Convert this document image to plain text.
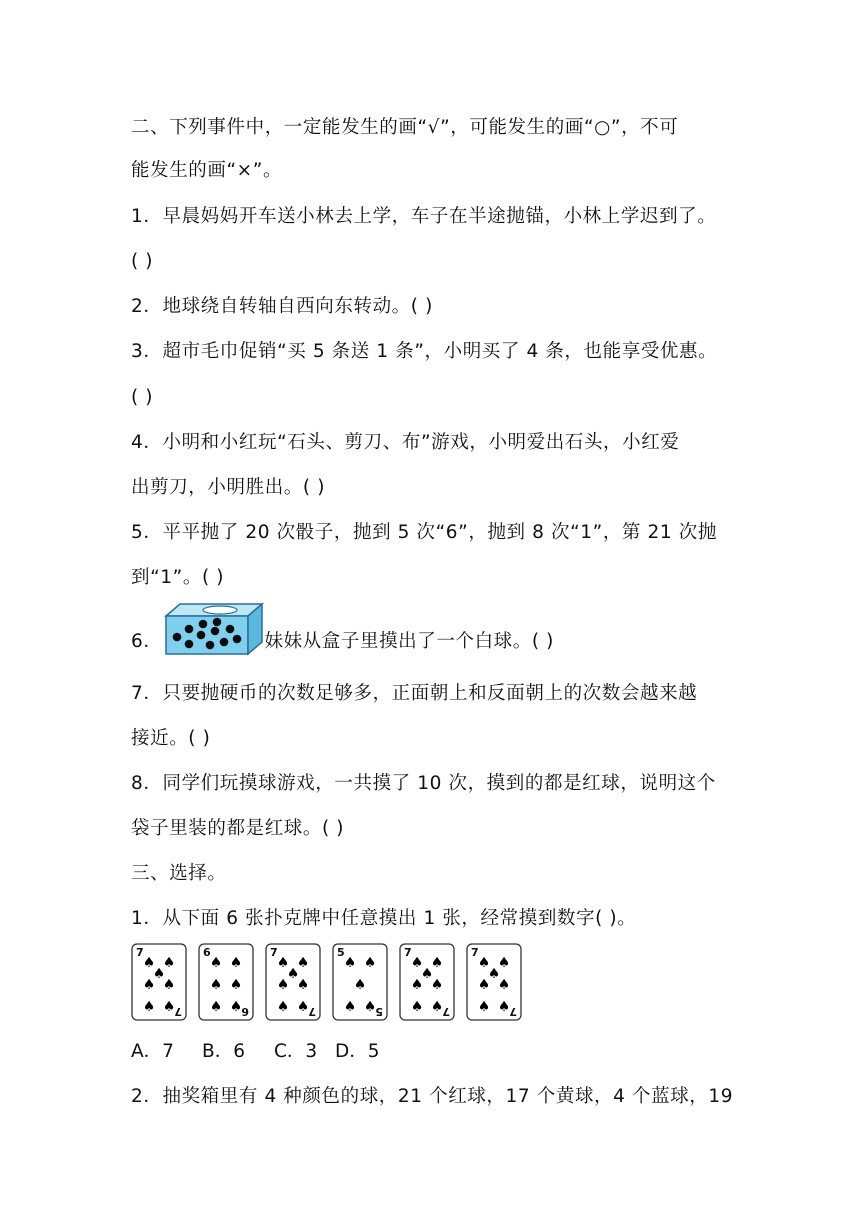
二、下列事件中，一定能发生的画“√”，可能发生的画“○”，不可
能发生的画“×”。
1．早晨妈妈开车送小林去上学，车子在半途抛锚，小林上学迟到了。
( )
2．地球绕自转轴自西向东转动。( )
3．超市毛巾促销“买 5 条送 1 条”，小明买了 4 条，也能享受优惠。
( )
4．小明和小红玩“石头、剪刀、布”游戏，小明爱出石头，小红爱
出剪刀，小明胜出。( )
5．平平抛了 20 次骰子，抛到 5 次“6”，抛到 8 次“1”，第 21 次抛
到“1”。( )
6．	妹妹从盒子里摸出了一个白球。( )
7．只要抛硬币的次数足够多，正面朝上和反面朝上的次数会越来越
接近。( )
8．同学们玩摸球游戏，一共摸了 10 次，摸到的都是红球，说明这个
袋子里装的都是红球。( )
三、选择。
1．从下面 6 张扑克牌中任意摸出 1 张，经常摸到数字( )。
7
7
♠ ♠
♠
♠ ♠
♠ ♠
6
6
♠ ♠
♠ ♠
♠ ♠
7
7
♠ ♠
♠
♠ ♠
♠ ♠
5
5
♠ ♠
♠
♠ ♠
7
7
♠ ♠
♠
♠ ♠
♠ ♠
7
7
♠ ♠
♠
♠ ♠
♠ ♠
A．7	B．6	C．3 D．5
2．抽奖箱里有 4 种颜色的球，21 个红球，17 个黄球，4 个蓝球，19
